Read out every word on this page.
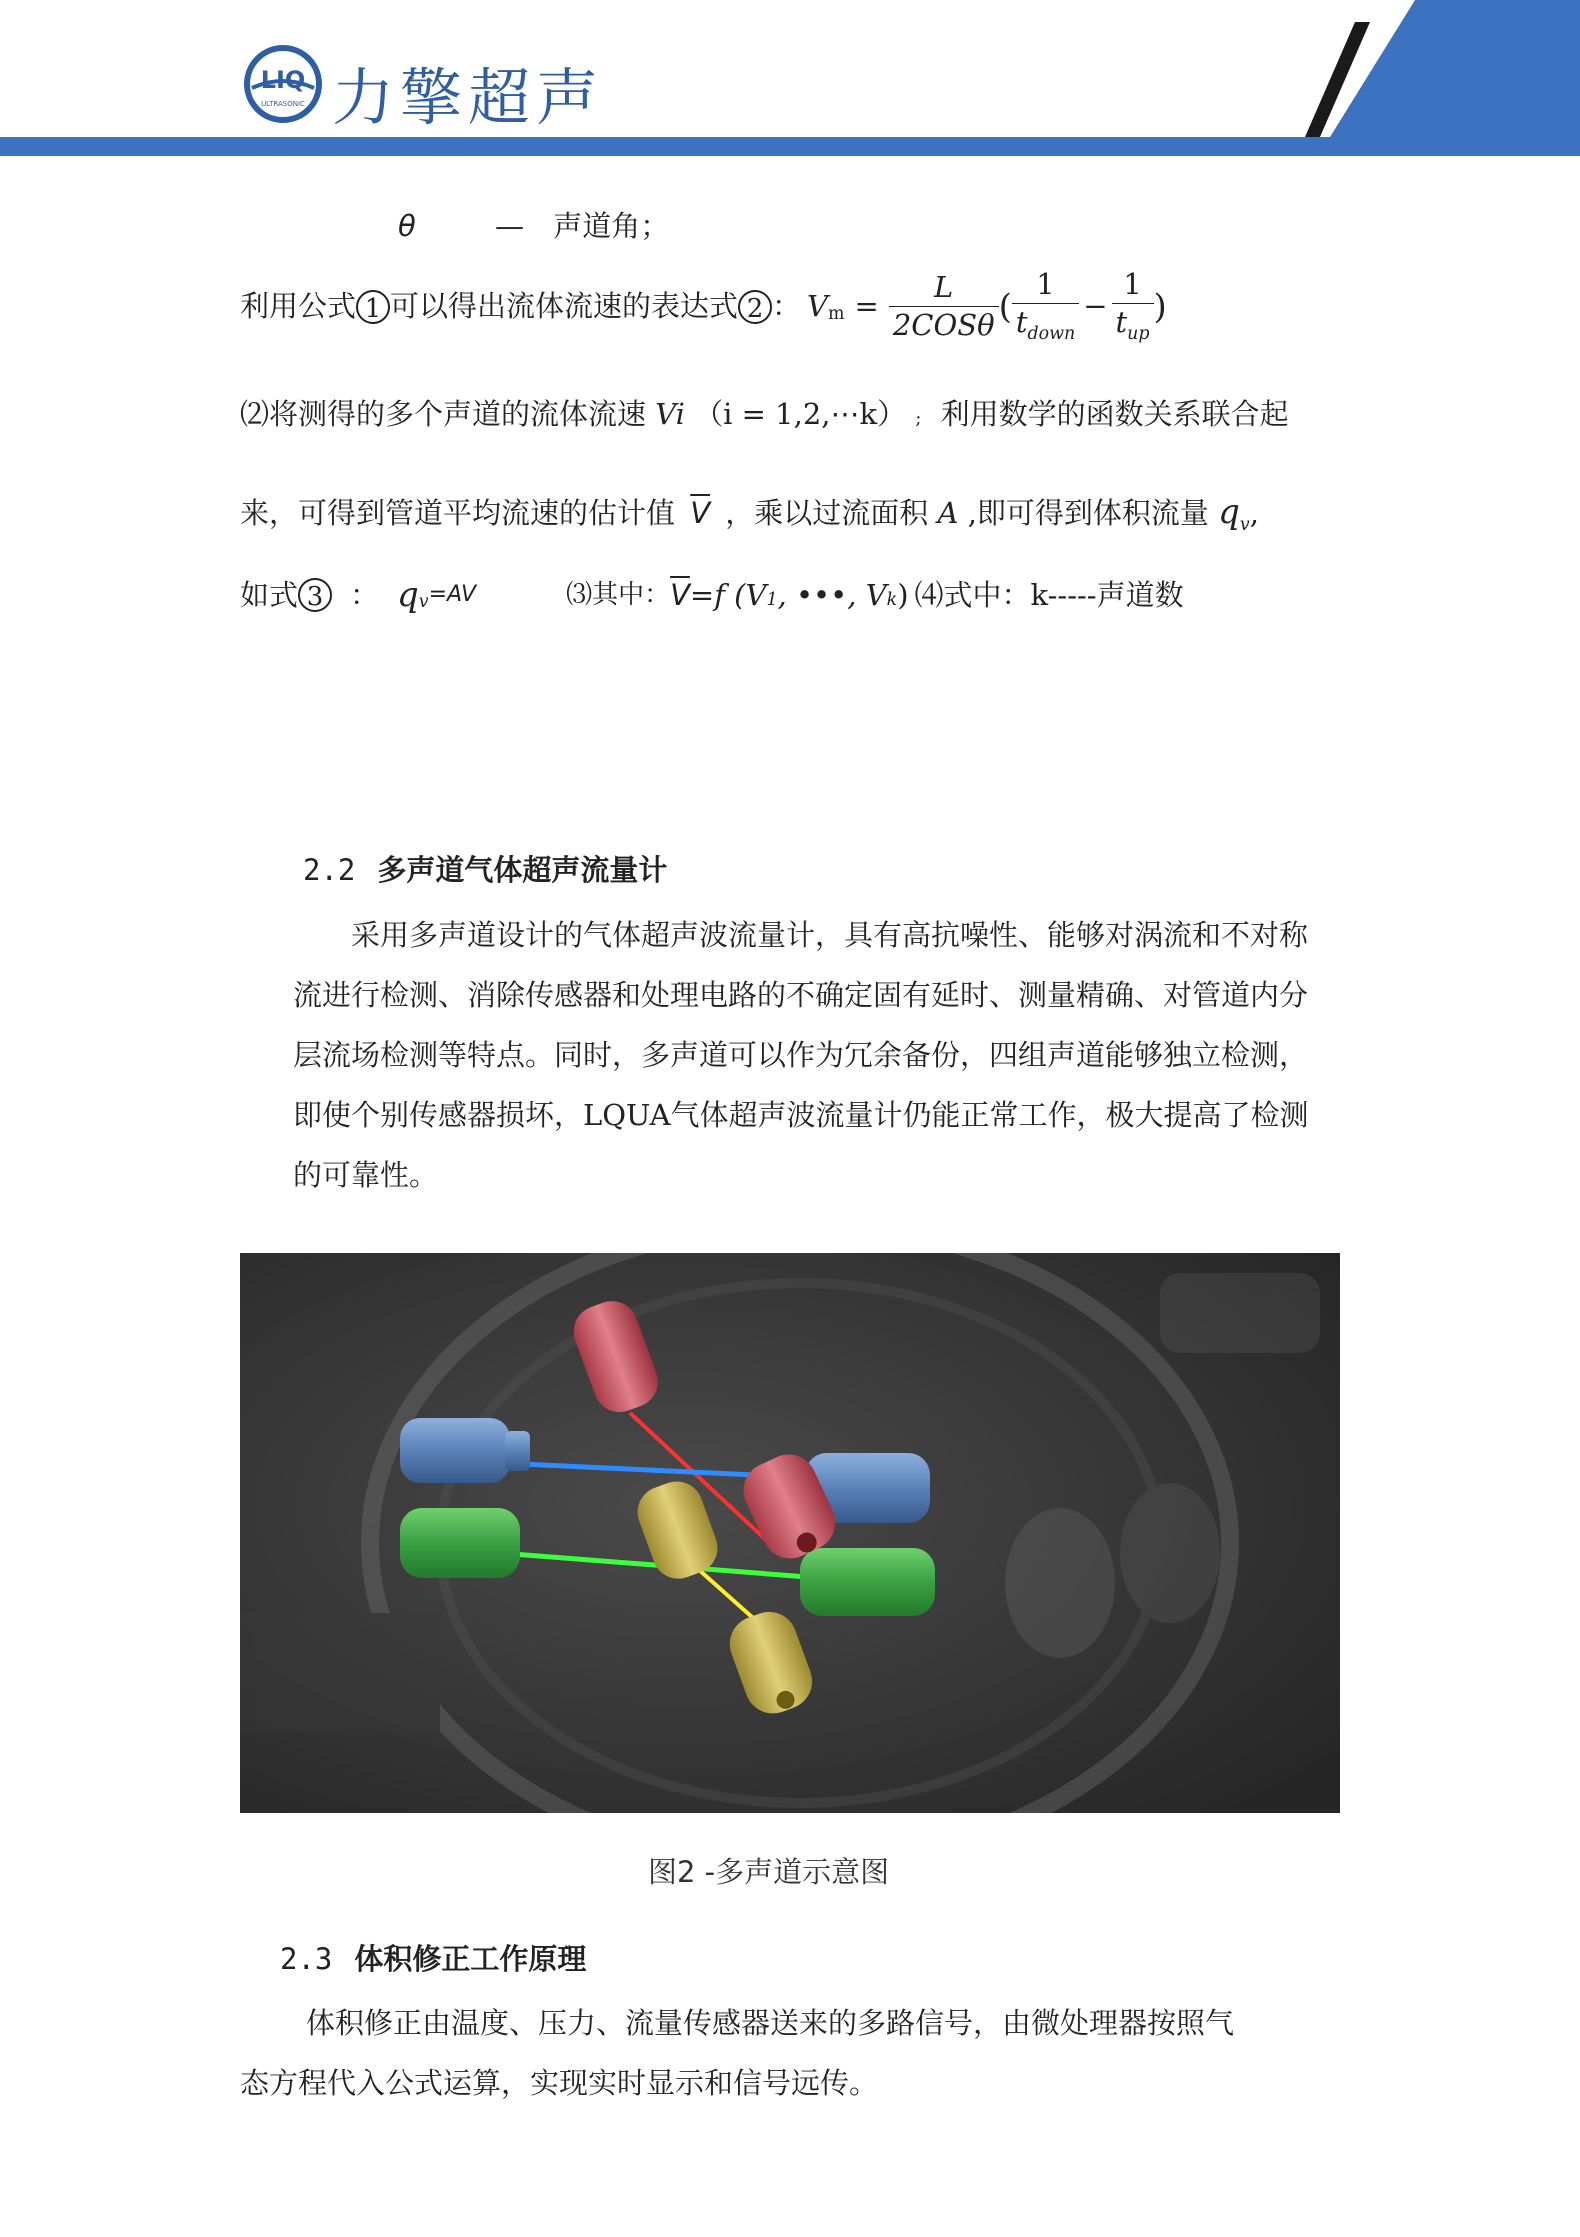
LIQ
ULTRASONIC 力擎超声
θ	— 声道角；
利用公式 1 可以得出流体流速的表达式 2 ： $V_m = \frac{L}{\text{2COSθ}}$ ( $\frac{1}{t_{down}} - \frac{1}{t_{up}}$ )
⑵将测得的多个声道的流体流速 Vi （i = 1,2,⋯k） ; 利用数学的函数关系联合起
来，可得到管道平均流速的估计值 $\overline{V}$ ，乘以过流面积 A ,即可得到体积流量 $q_v$,
如式 3 ： $q_v =AV$	⑶其中： $\overline{V} =f$ ($V_1$ , •••, $V_k$ ) ⑷式中：k-----声道数
2.2 多声道气体超声流量计
采用多声道设计的气体超声波流量计，具有高抗噪性、能够对涡流和不对称
流进行检测、消除传感器和处理电路的不确定固有延时、测量精确、对管道内分
层流场检测等特点。同时，多声道可以作为冗余备份，四组声道能够独立检测，
即使个别传感器损坏，LQUA气体超声波流量计仍能正常工作，极大提高了检测
的可靠性。
图2 -多声道示意图
2.3 体积修正工作原理
体积修正由温度、压力、流量传感器送来的多路信号，由微处理器按照气
态方程代入公式运算，实现实时显示和信号远传。
